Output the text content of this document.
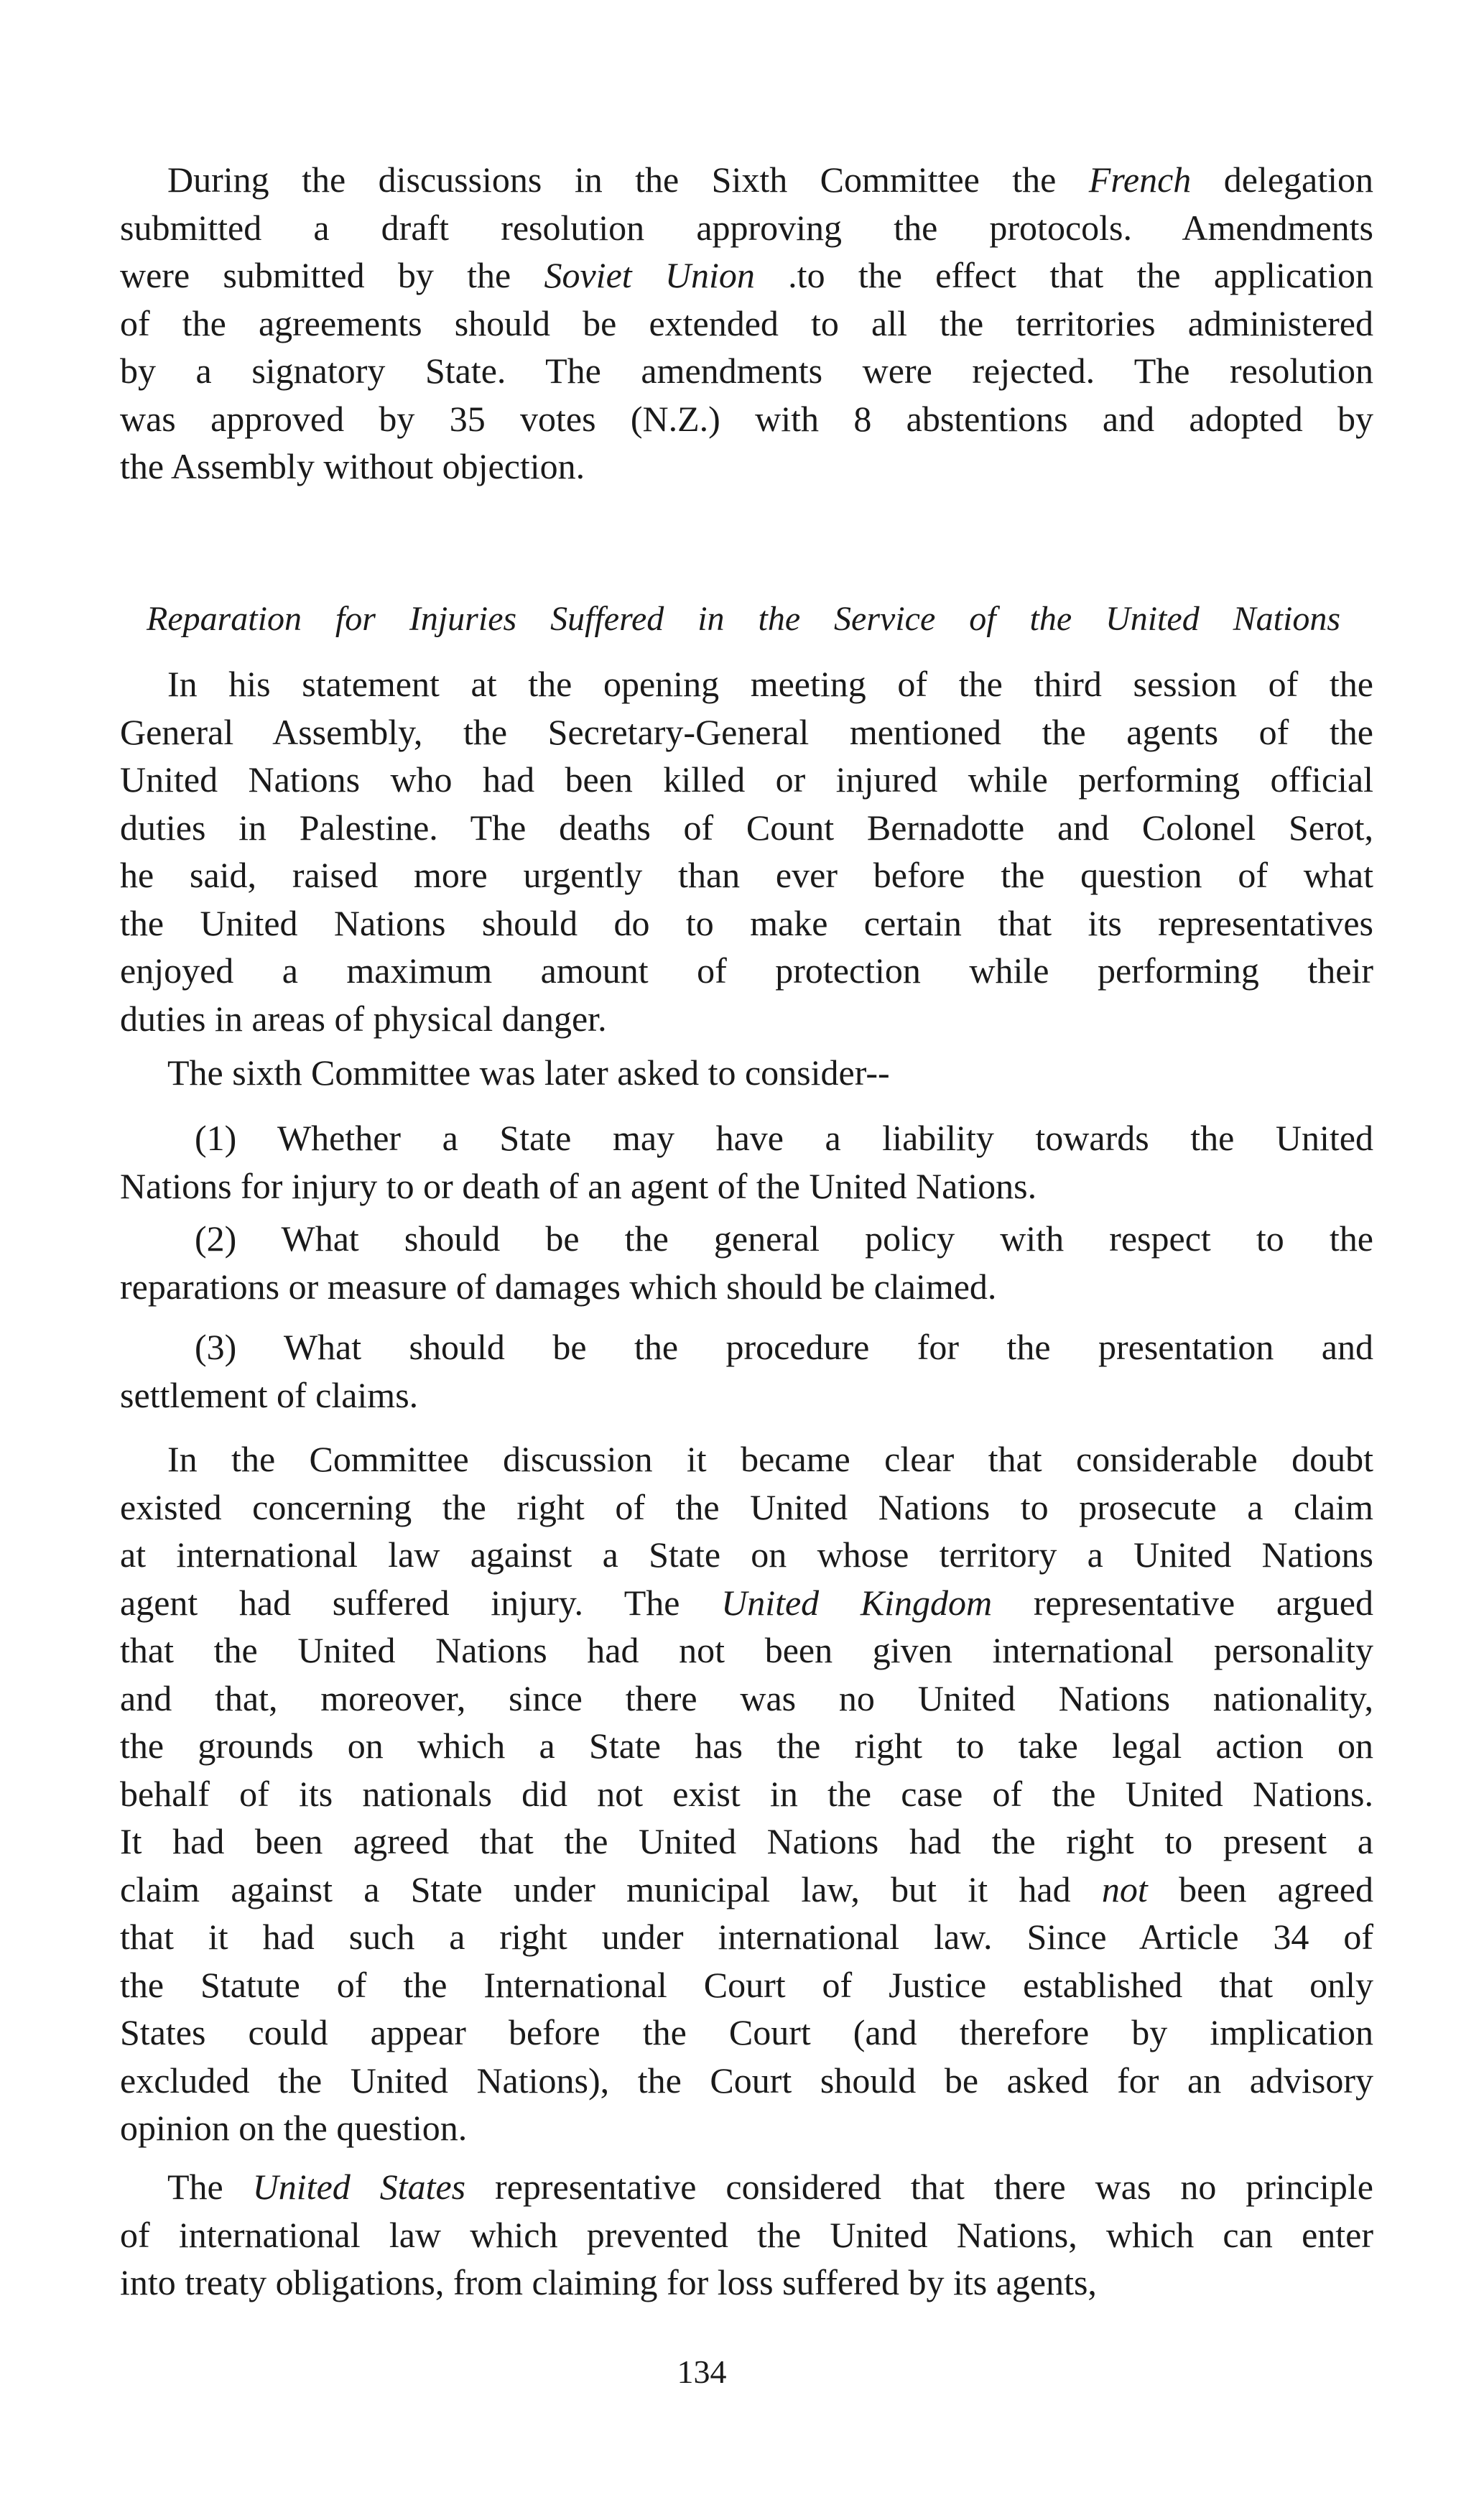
During the discussions in the Sixth Committee the French delegation
submitted a draft resolution approving the protocols. Amendments
were submitted by the Soviet Union .to the effect that the application
of the agreements should be extended to all the territories administered
by a signatory State. The amendments were rejected. The resolution
was approved by 35 votes (N.Z.) with 8 abstentions and adopted by
the Assembly without objection.
Reparation for Injuries Suffered in the Service of the United Nations
In his statement at the opening meeting of the third session of the
General Assembly, the Secretary-General mentioned the agents of the
United Nations who had been killed or injured while performing official
duties in Palestine. The deaths of Count Bernadotte and Colonel Serot,
he said, raised more urgently than ever before the question of what
the United Nations should do to make certain that its representatives
enjoyed a maximum amount of protection while performing their
duties in areas of physical danger.
The sixth Committee was later asked to consider--
(1) Whether a State may have a liability towards the United
Nations for injury to or death of an agent of the United Nations.
(2) What should be the general policy with respect to the
reparations or measure of damages which should be claimed.
(3) What should be the procedure for the presentation and
settlement of claims.
In the Committee discussion it became clear that considerable doubt
existed concerning the right of the United Nations to prosecute a claim
at international law against a State on whose territory a United Nations
agent had suffered injury. The United Kingdom representative argued
that the United Nations had not been given international personality
and that, moreover, since there was no United Nations nationality,
the grounds on which a State has the right to take legal action on
behalf of its nationals did not exist in the case of the United Nations.
It had been agreed that the United Nations had the right to present a
claim against a State under municipal law, but it had not been agreed
that it had such a right under international law. Since Article 34 of
the Statute of the International Court of Justice established that only
States could appear before the Court (and therefore by implication
excluded the United Nations), the Court should be asked for an advisory
opinion on the question.
The United States representative considered that there was no principle
of international law which prevented the United Nations, which can enter
into treaty obligations, from claiming for loss suffered by its agents,
134
